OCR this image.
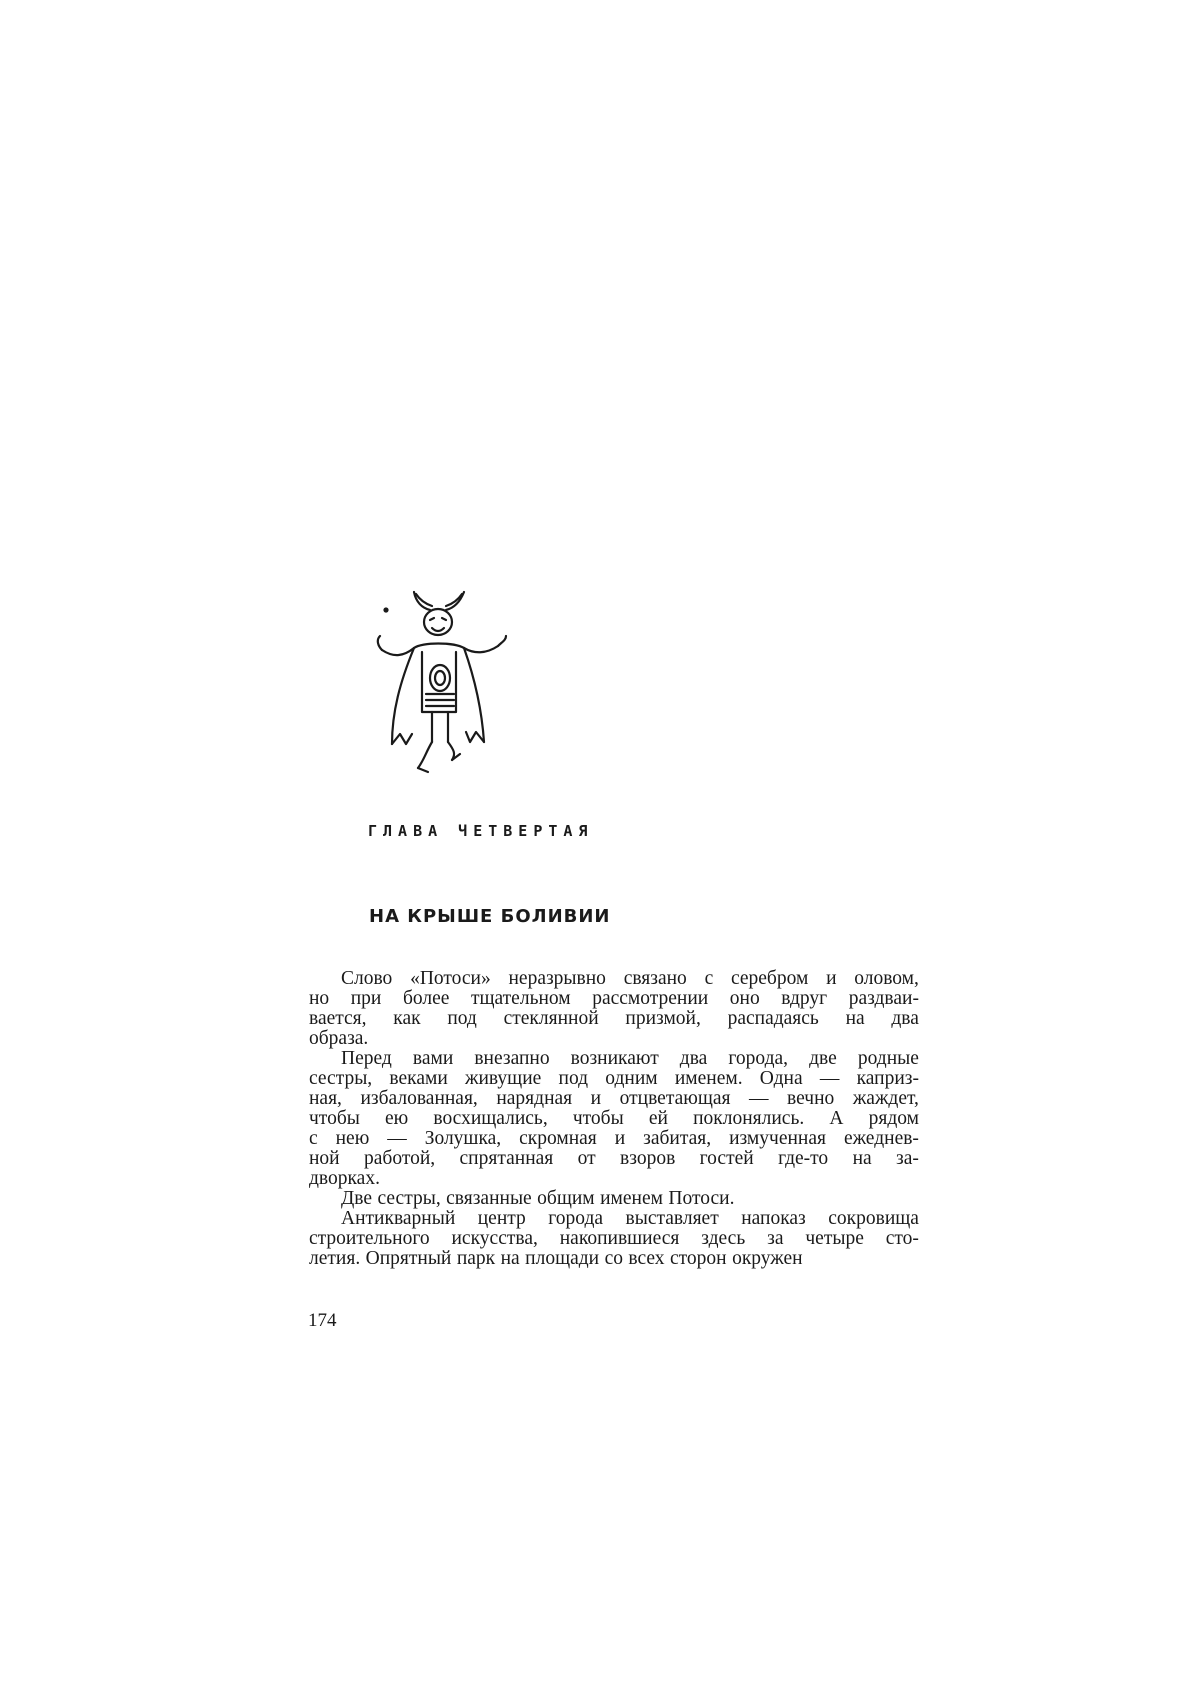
ГЛАВА ЧЕТВЕРТАЯ
НА КРЫШЕ БОЛИВИИ
Слово «Потоси» неразрывно связано с серебром и оловом,
но при более тщательном рассмотрении оно вдруг раздваи-
вается, как под стеклянной призмой, распадаясь на два
образа.
Перед вами внезапно возникают два города, две родные
сестры, веками живущие под одним именем. Одна — каприз-
ная, избалованная, нарядная и отцветающая — вечно жаждет,
чтобы ею восхищались, чтобы ей поклонялись. А рядом
с нею — Золушка, скромная и забитая, измученная ежеднев-
ной работой, спрятанная от взоров гостей где-то на за-
дворках.
Две сестры, связанные общим именем Потоси.
Антикварный центр города выставляет напоказ сокровища
строительного искусства, накопившиеся здесь за четыре сто-
летия. Опрятный парк на площади со всех сторон окружен
174
